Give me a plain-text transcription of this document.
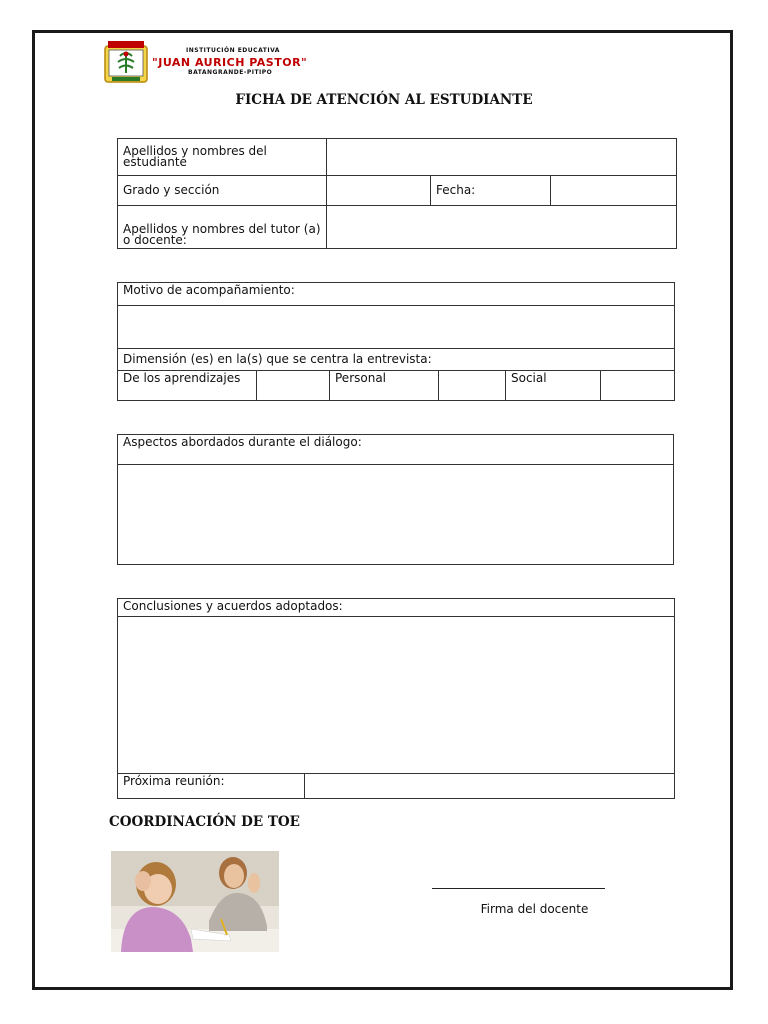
INSTITUCIÓN EDUCATIVA
"JUAN AURICH PASTOR"
BATANGRANDE-PITIPO
FICHA DE ATENCIÓN AL ESTUDIANTE
Apellidos y nombres del estudiante			
Grado y sección		Fecha:	
Apellidos y nombres del tutor (a) o docente:			
Motivo de acompañamiento:

Dimensión (es) en la(s) que se centra la entrevista:
De los aprendizajes		Personal		Social	
Aspectos abordados durante el diálogo:

Conclusiones y acuerdos adoptados:

Próxima reunión:	
COORDINACIÓN DE TOE
Firma del docente
